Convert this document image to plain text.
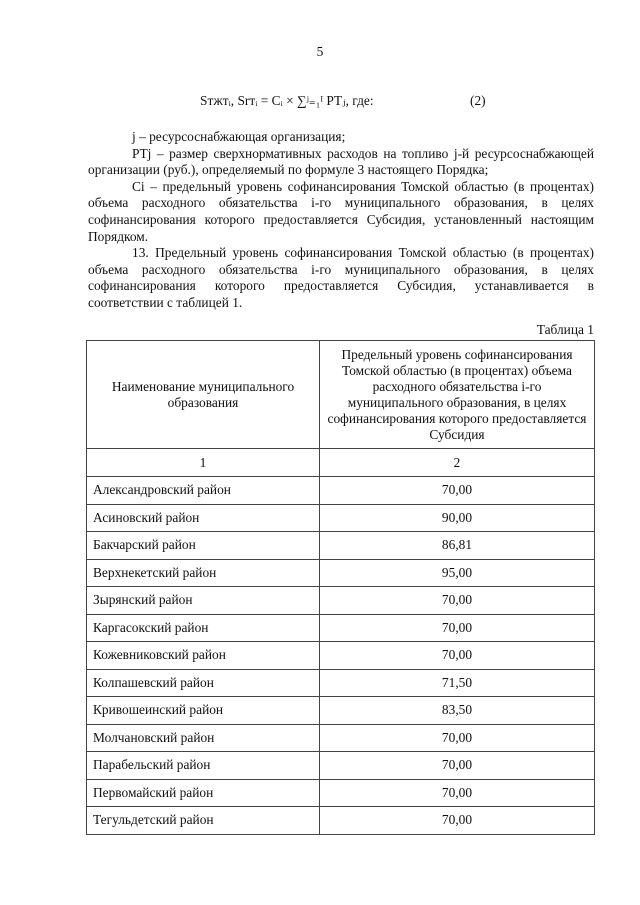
5
Sтжтᵢ, Srтᵢ = Cᵢ × ∑ʲ₌₁ᴵ PTⱼ, где:	(2)

j – ресурсоснабжающая организация;

PTj – размер сверхнормативных расходов на топливо j-й ресурсоснабжающей организации (руб.), определяемый по формуле 3 настоящего Порядка;

Ci – предельный уровень софинансирования Томской областью (в процентах) объема расходного обязательства i-го муниципального образования, в целях софинансирования которого предоставляется Субсидия, установленный настоящим Порядком.

13. Предельный уровень софинансирования Томской областью (в процентах) объема расходного обязательства i-го муниципального образования, в целях софинансирования которого предоставляется Субсидия, устанавливается в соответствии с таблицей 1.

Таблица 1
Наименование муниципального образования	Предельный уровень софинансирования Томской областью (в процентах) объема расходного обязательства i-го муниципального образования, в целях софинансирования которого предоставляется Субсидия
1	2
Александровский район	70,00
Асиновский район	90,00
Бакчарский район	86,81
Верхнекетский район	95,00
Зырянский район	70,00
Каргасокский район	70,00
Кожевниковский район	70,00
Колпашевский район	71,50
Кривошеинский район	83,50
Молчановский район	70,00
Парабельский район	70,00
Первомайский район	70,00
Тегульдетский район	70,00
